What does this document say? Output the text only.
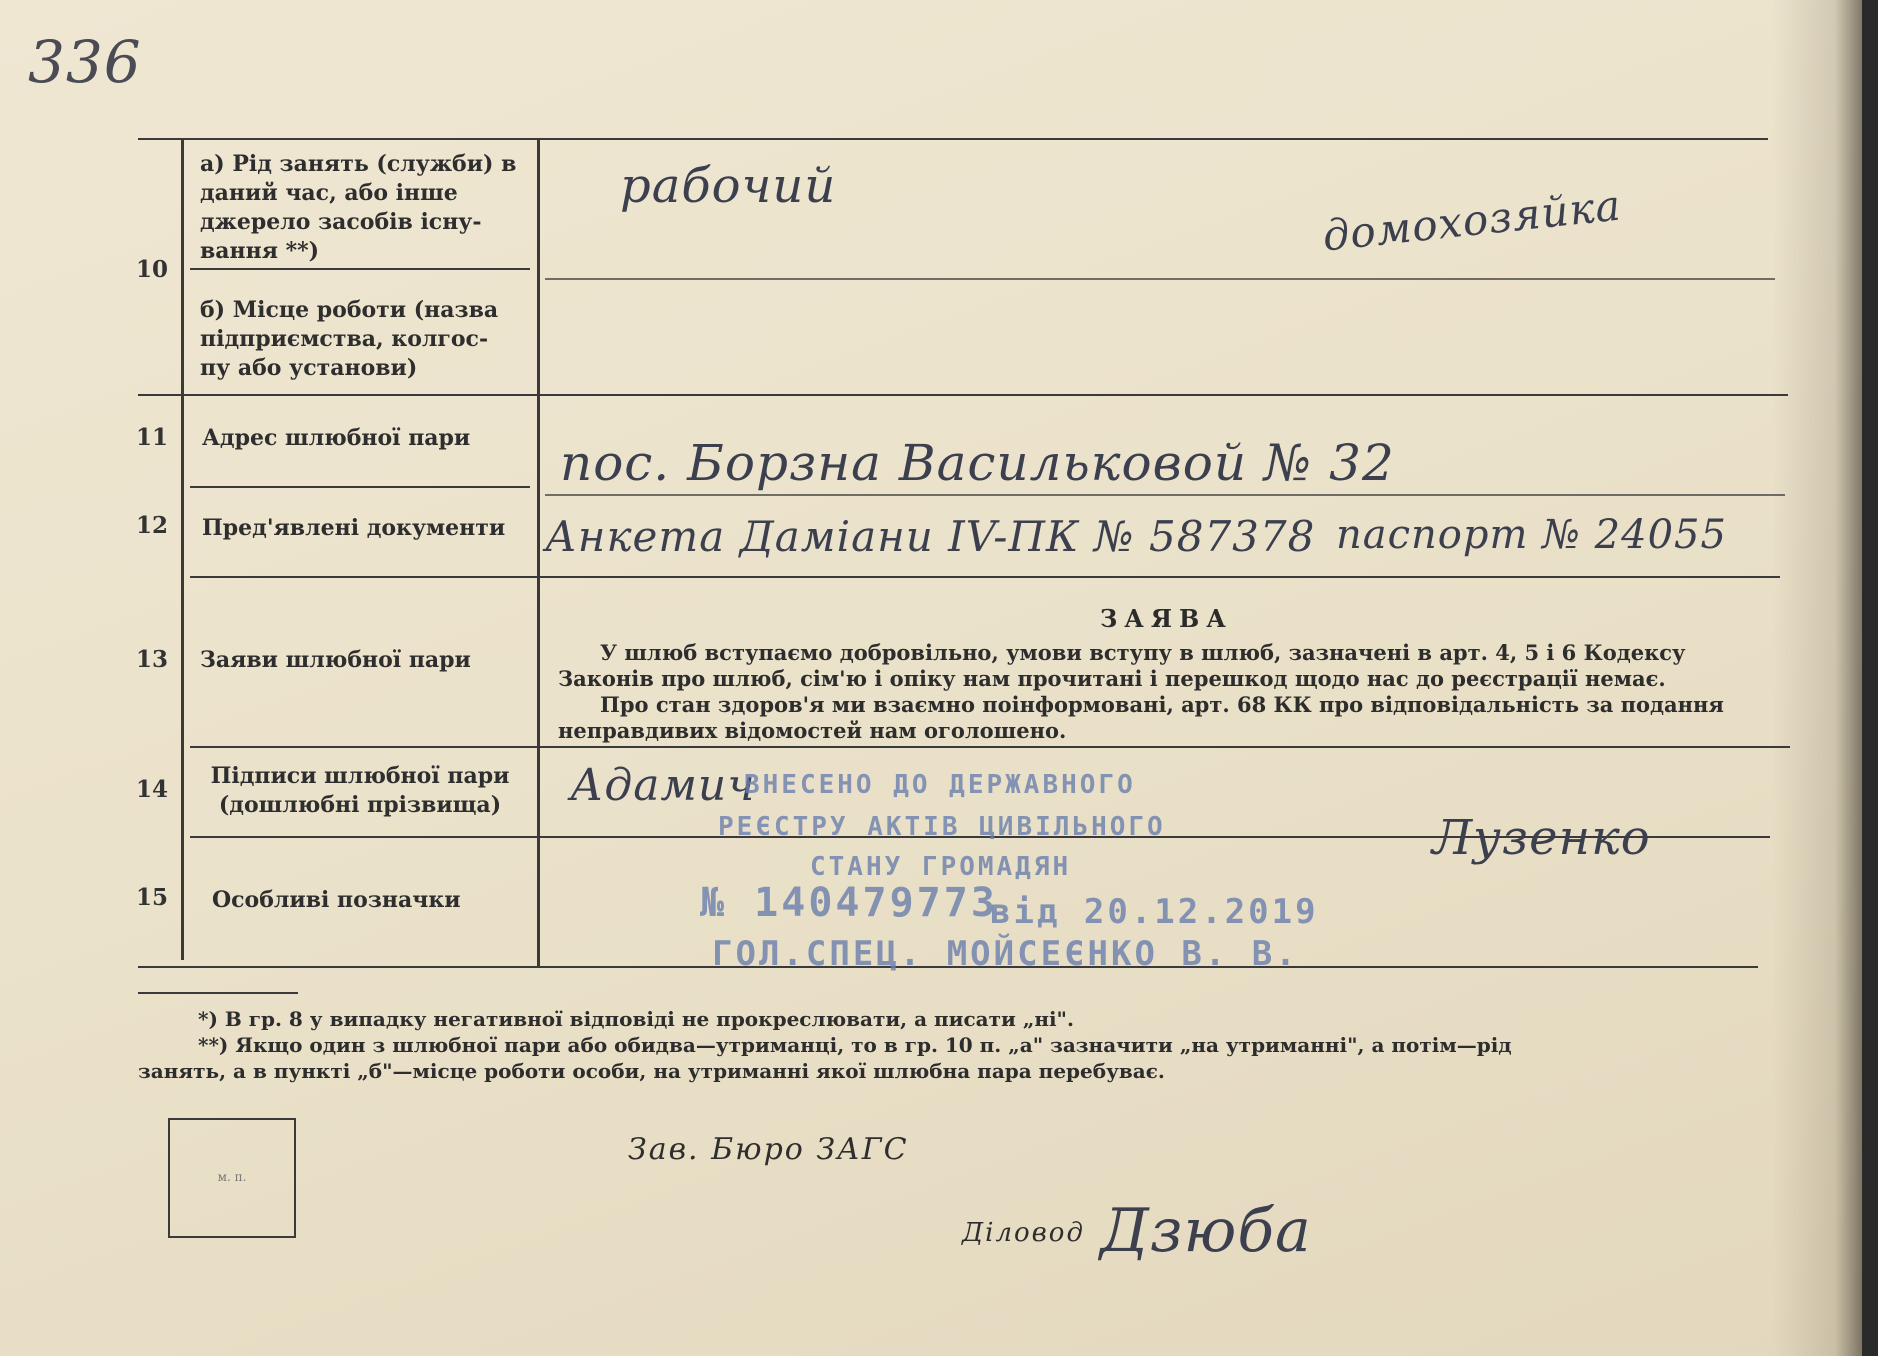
336
10
11
12
13
14
15
а) Рід занять (служби) в
даний час, або інше
джерело засобів існу-
вання **)
б) Місце роботи (назва
підприємства, колгос-
пу або установи)
Адрес шлюбної пари
Пред'явлені документи
Заяви шлюбної пари
Підписи шлюбної пари
(дошлюбні прізвища)
Особливі позначки
рабочий	домохозяйка
пос. Борзна Васильковой № 32
Анкета Даміани IV-ПК № 587378 паспорт № 24055
ЗАЯВА
У шлюб вступаємо добровільно, умови вступу в шлюб, зазначені в арт. 4, 5 і 6 Кодексу
Законів про шлюб, сім'ю і опіку нам прочитані і перешкод щодо нас до реєстрації немає.
Про стан здоров'я ми взаємно поінформовані, арт. 68 КК про відповідальність за подання
неправдивих відомостей нам оголошено.
Адамич
Лузенко
ВНЕСЕНО ДО ДЕРЖАВНОГО
РЕЄСТРУ АКТІВ ЦИВІЛЬНОГО
СТАНУ ГРОМАДЯН
№ 140479773
від 20.12.2019
ГОЛ.СПЕЦ. МОЙСЕЄНКО В. В.
*) В гр. 8 у випадку негативної відповіді не прокреслювати, а писати „ні".
**) Якщо один з шлюбної пари або обидва—утриманці, то в гр. 10 п. „а" зазначити „на утриманні", а потім—рід
занять, а в пункті „б"—місце роботи особи, на утриманні якої шлюбна пара перебуває.
м. п.
Зав. Бюро ЗАГС
Діловод Дзюба
